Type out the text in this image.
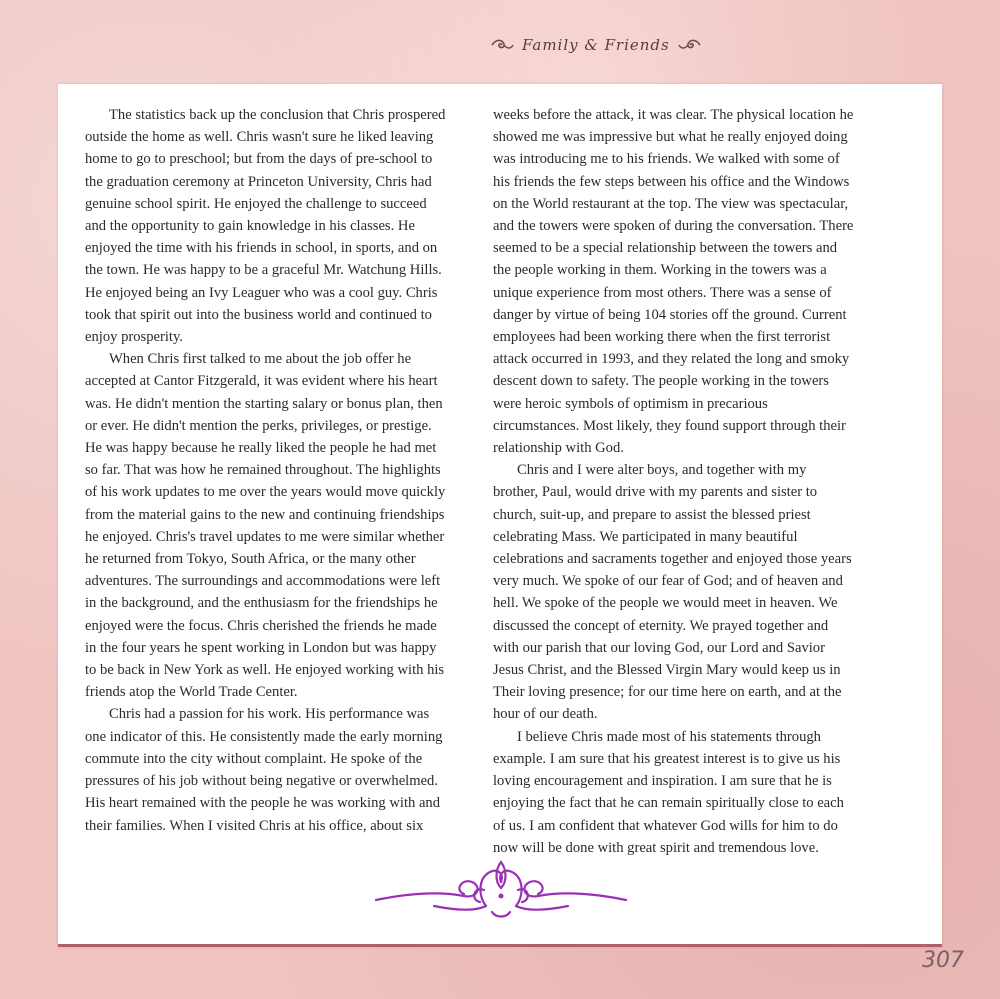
Family & Friends

The statistics back up the conclusion that Chris prospered outside the home as well. Chris wasn't sure he liked leaving home to go to preschool; but from the days of pre-school to the graduation ceremony at Princeton University, Chris had genuine school spirit. He enjoyed the challenge to succeed and the opportunity to gain knowledge in his classes. He enjoyed the time with his friends in school, in sports, and on the town. He was happy to be a graceful Mr. Watchung Hills. He enjoyed being an Ivy Leaguer who was a cool guy. Chris took that spirit out into the business world and continued to enjoy prosperity.

When Chris first talked to me about the job offer he accepted at Cantor Fitzgerald, it was evident where his heart was. He didn't mention the starting salary or bonus plan, then or ever. He didn't mention the perks, privileges, or prestige. He was happy because he really liked the people he had met so far. That was how he remained throughout. The highlights of his work updates to me over the years would move quickly from the material gains to the new and continuing friendships he enjoyed. Chris's travel updates to me were similar whether he returned from Tokyo, South Africa, or the many other adventures. The surroundings and accommodations were left in the background, and the enthusiasm for the friendships he enjoyed were the focus. Chris cherished the friends he made in the four years he spent working in London but was happy to be back in New York as well. He enjoyed working with his friends atop the World Trade Center.

Chris had a passion for his work. His performance was one indicator of this. He consistently made the early morning commute into the city without complaint. He spoke of the pressures of his job without being negative or overwhelmed. His heart remained with the people he was working with and their families. When I visited Chris at his office, about six

weeks before the attack, it was clear. The physical location he showed me was impressive but what he really enjoyed doing was introducing me to his friends. We walked with some of his friends the few steps between his office and the Windows on the World restaurant at the top. The view was spectacular, and the towers were spoken of during the conversation. There seemed to be a special relationship between the towers and the people working in them. Working in the towers was a unique experience from most others. There was a sense of danger by virtue of being 104 stories off the ground. Current employees had been working there when the first terrorist attack occurred in 1993, and they related the long and smoky descent down to safety. The people working in the towers were heroic symbols of optimism in precarious circumstances. Most likely, they found support through their relationship with God.

Chris and I were alter boys, and together with my brother, Paul, would drive with my parents and sister to church, suit-up, and prepare to assist the blessed priest celebrating Mass. We participated in many beautiful celebrations and sacraments together and enjoyed those years very much. We spoke of our fear of God; and of heaven and hell. We spoke of the people we would meet in heaven. We discussed the concept of eternity. We prayed together and with our parish that our loving God, our Lord and Savior Jesus Christ, and the Blessed Virgin Mary would keep us in Their loving presence; for our time here on earth, and at the hour of our death.

I believe Chris made most of his statements through example. I am sure that his greatest interest is to give us his loving encouragement and inspiration. I am sure that he is enjoying the fact that he can remain spiritually close to each of us. I am confident that whatever God wills for him to do now will be done with great spirit and tremendous love.

307
